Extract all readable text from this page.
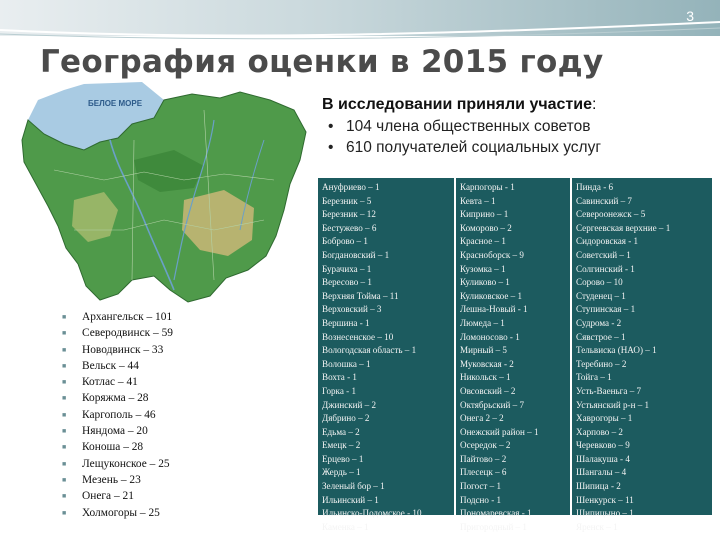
3
География оценки в 2015 году
БЕЛОЕ МОРЕ	В исследовании приняли участие:
• 104 члена общественных советов
• 610 получателей социальных услуг
■ Архангельск – 101
■ Северодвинск – 59
■ Новодвинск – 33
■ Вельск – 44
■ Котлас – 41
■ Коряжма – 28
■ Каргополь – 46
■ Няндома – 20
■ Коноша – 28
■ Лещуконское – 25
■ Мезень – 23
■ Онега – 21
■ Холмогоры – 25
Ануфриево – 1
Березник – 5
Березник – 12
Бестужево – 6
Боброво – 1
Богдановский – 1
Бурачиха – 1
Вересово – 1
Верхняя Тойма – 11
Верховский – 3
Вершина - 1
Вознесенское – 10
Вологодская область – 1
Волошка – 1
Вохта - 1
Горка - 1
Джинский – 2
Дябрино – 2
Едьма – 2
Емецк – 2
Ерцево – 1
Жердь – 1
Зеленый бор – 1
Ильинский – 1
Ильинско-Подомское - 10
Каменка – 1
Карпогоры - 1
Кевта – 1
Киприно – 1
Коморово – 2
Красное – 1
Красноборск – 9
Кузомка – 1
Куликово – 1
Куликовское – 1
Лешна-Новый - 1
Люмеда – 1
Ломоносово - 1
Мирный – 5
Муковская - 2
Никольск – 1
Овсовский – 2
Октябрьский – 7
Онега 2 – 2
Онежский район – 1
Осередок – 2
Пайтово – 2
Плесецк – 6
Погост – 1
Подсно - 1
Пономаревская - 1
Пригородный – 1
Пинда - 6
Савинский – 7
Североонежск – 5
Сергеевская верхние – 1
Сидоровская - 1
Советский – 1
Солгинский - 1
Сорово – 10
Студенец – 1
Ступинская – 1
Судрома - 2
Сявстрое – 1
Тельвиска (НАО) – 1
Теребино – 2
Тойга – 1
Усть-Ваеньга – 7
Устьянский р-н – 1
Хаврогоры – 1
Харпово – 2
Черевково – 9
Шалакуша - 4
Шангалы – 4
Шипица - 2
Шенкурск – 11
Шипицыно – 1
Яренск – 1
